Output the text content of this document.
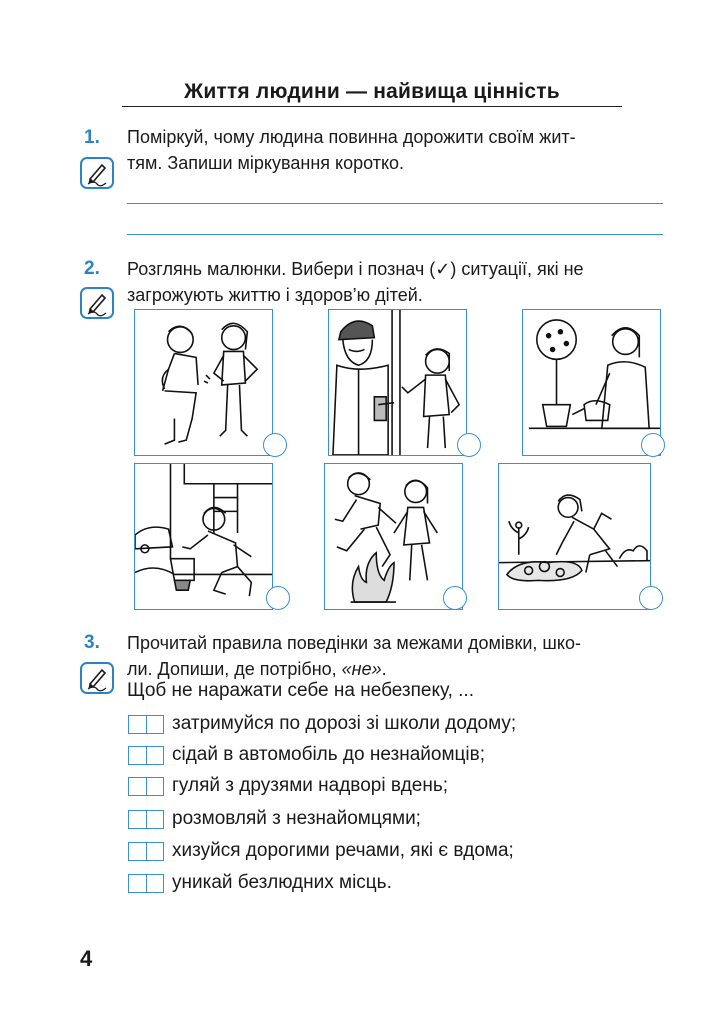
Життя людини — найвища цінність
1. Поміркуй, чому людина повинна дорожити своїм жит-
тям. Запиши міркування коротко.
2. Розглянь малюнки. Вибери і познач (✓) ситуації, які не
загрожують життю і здоров’ю дітей.
3. Прочитай правила поведінки за межами домівки, шко-
ли. Допиши, де потрібно, «не».
Щоб не наражати себе на небезпеку, ...
затримуйся по дорозі зі школи додому;
сідай в автомобіль до незнайомців;
гуляй з друзями надворі вдень;
розмовляй з незнайомцями;
хизуйся дорогими речами, які є вдома;
уникай безлюдних місць.
4
